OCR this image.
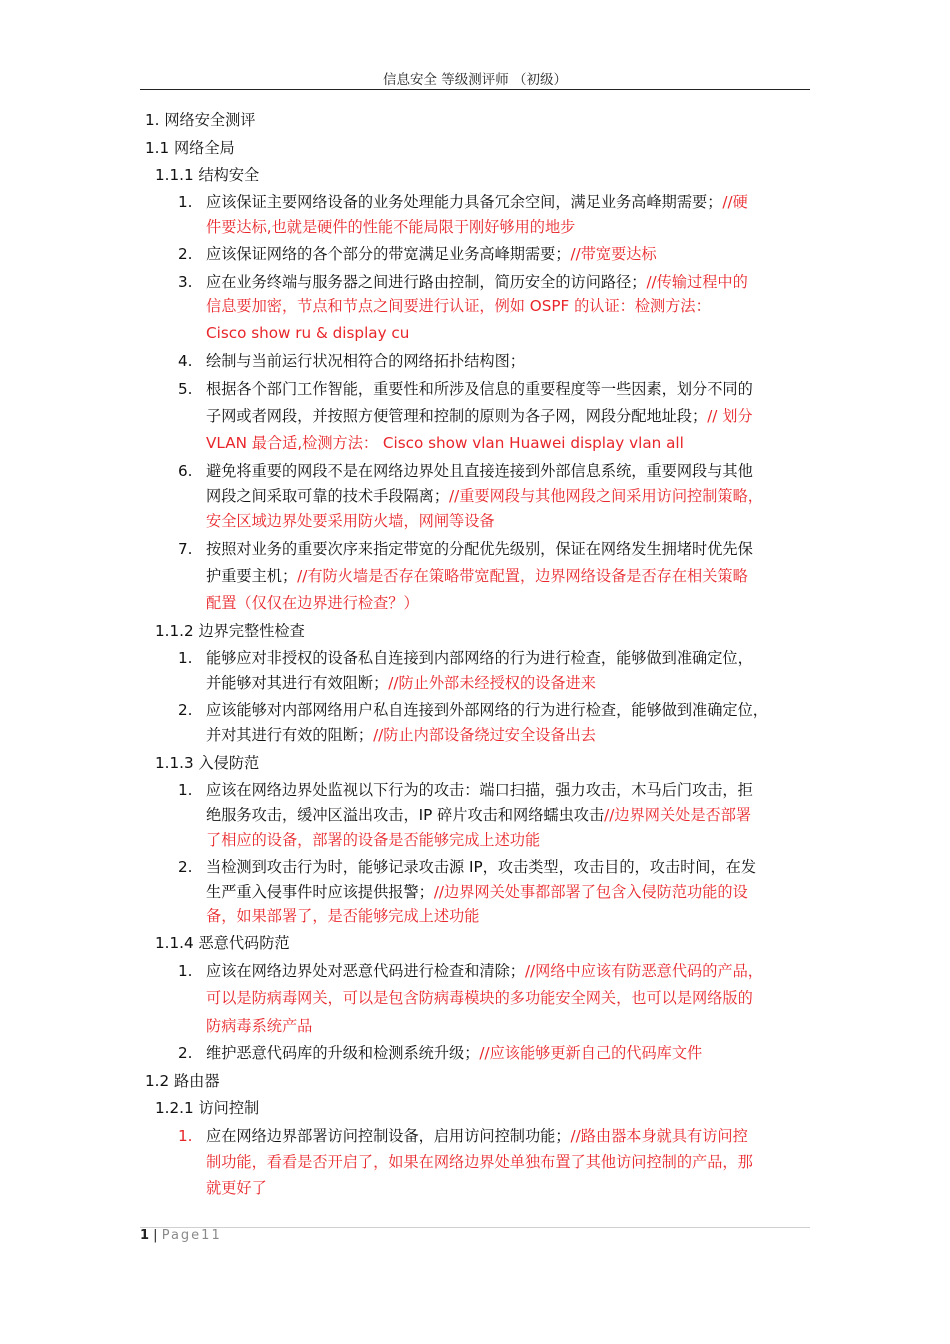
信息安全 等级测评师 （初级）
1. 网络安全测评
1.1 网络全局
1.1.1 结构安全
1. 应该保证主要网络设备的业务处理能力具备冗余空间，满足业务高峰期需要；//硬
件要达标,也就是硬件的性能不能局限于刚好够用的地步
2. 应该保证网络的各个部分的带宽满足业务高峰期需要；//带宽要达标
3. 应在业务终端与服务器之间进行路由控制，简历安全的访问路径；//传输过程中的
信息要加密，节点和节点之间要进行认证，例如 OSPF 的认证：检测方法：
Cisco show ru & display cu
4. 绘制与当前运行状况相符合的网络拓扑结构图；
5. 根据各个部门工作智能，重要性和所涉及信息的重要程度等一些因素，划分不同的
子网或者网段，并按照方便管理和控制的原则为各子网，网段分配地址段；// 划分
VLAN 最合适,检测方法： Cisco show vlan Huawei display vlan all
6. 避免将重要的网段不是在网络边界处且直接连接到外部信息系统，重要网段与其他
网段之间采取可靠的技术手段隔离；//重要网段与其他网段之间采用访问控制策略，
安全区域边界处要采用防火墙，网闸等设备
7. 按照对业务的重要次序来指定带宽的分配优先级别，保证在网络发生拥堵时优先保
护重要主机；//有防火墙是否存在策略带宽配置，边界网络设备是否存在相关策略
配置（仅仅在边界进行检查？）
1.1.2 边界完整性检查
1. 能够应对非授权的设备私自连接到内部网络的行为进行检查，能够做到准确定位，
并能够对其进行有效阻断；//防止外部未经授权的设备进来
2. 应该能够对内部网络用户私自连接到外部网络的行为进行检查，能够做到准确定位，
并对其进行有效的阻断；//防止内部设备绕过安全设备出去
1.1.3 入侵防范
1. 应该在网络边界处监视以下行为的攻击：端口扫描，强力攻击，木马后门攻击，拒
绝服务攻击，缓冲区溢出攻击，IP 碎片攻击和网络蠕虫攻击//边界网关处是否部署
了相应的设备，部署的设备是否能够完成上述功能
2. 当检测到攻击行为时，能够记录攻击源 IP，攻击类型，攻击目的，攻击时间，在发
生严重入侵事件时应该提供报警；//边界网关处事都部署了包含入侵防范功能的设
备，如果部署了，是否能够完成上述功能
1.1.4 恶意代码防范
1. 应该在网络边界处对恶意代码进行检查和清除；//网络中应该有防恶意代码的产品，
可以是防病毒网关，可以是包含防病毒模块的多功能安全网关，也可以是网络版的
防病毒系统产品
2. 维护恶意代码库的升级和检测系统升级；//应该能够更新自己的代码库文件
1.2 路由器
1.2.1 访问控制
1. 应在网络边界部署访问控制设备，启用访问控制功能；//路由器本身就具有访问控
制功能，看看是否开启了，如果在网络边界处单独布置了其他访问控制的产品，那
就更好了
1 | Page11
